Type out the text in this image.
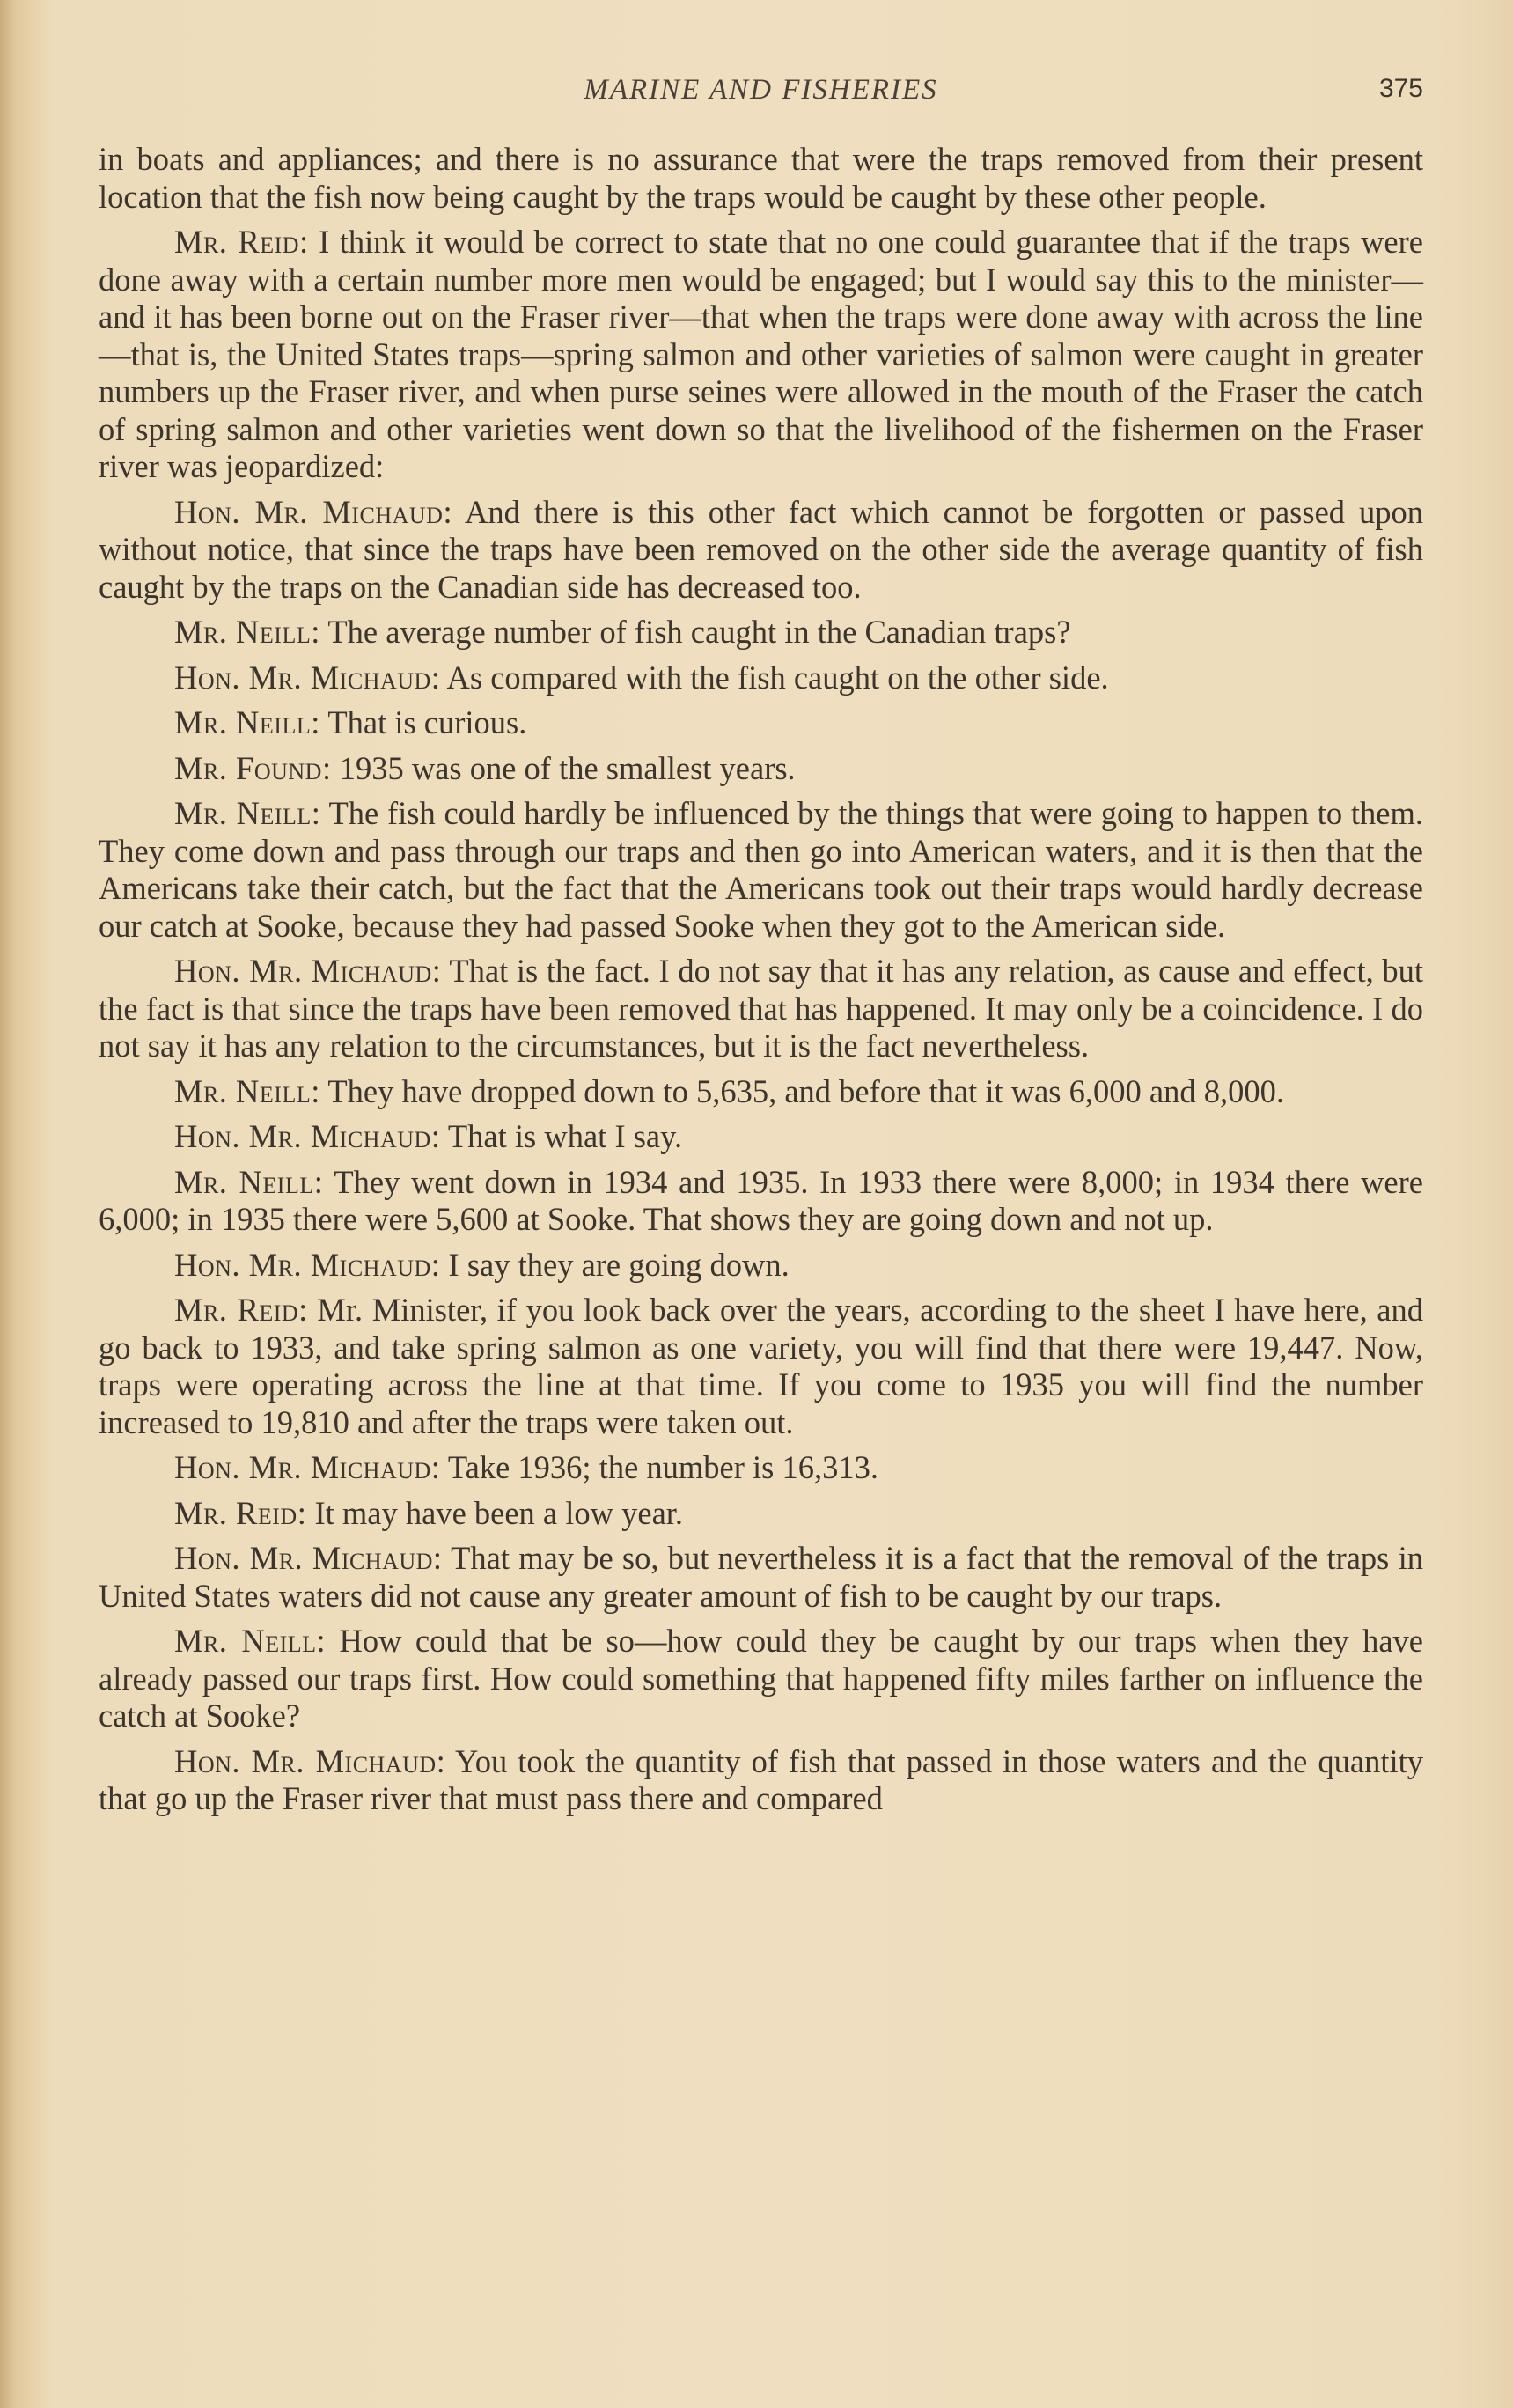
MARINE AND FISHERIES	375

in boats and appliances; and there is no assurance that were the traps removed from their present location that the fish now being caught by the traps would be caught by these other people.

Mr. Reid: I think it would be correct to state that no one could guarantee that if the traps were done away with a certain number more men would be engaged; but I would say this to the minister—and it has been borne out on the Fraser river—that when the traps were done away with across the line—that is, the United States traps—spring salmon and other varieties of salmon were caught in greater numbers up the Fraser river, and when purse seines were allowed in the mouth of the Fraser the catch of spring salmon and other varieties went down so that the livelihood of the fishermen on the Fraser river was jeopardized:

Hon. Mr. Michaud: And there is this other fact which cannot be forgotten or passed upon without notice, that since the traps have been removed on the other side the average quantity of fish caught by the traps on the Canadian side has decreased too.

Mr. Neill: The average number of fish caught in the Canadian traps?

Hon. Mr. Michaud: As compared with the fish caught on the other side.

Mr. Neill: That is curious.

Mr. Found: 1935 was one of the smallest years.

Mr. Neill: The fish could hardly be influenced by the things that were going to happen to them. They come down and pass through our traps and then go into American waters, and it is then that the Americans take their catch, but the fact that the Americans took out their traps would hardly decrease our catch at Sooke, because they had passed Sooke when they got to the American side.

Hon. Mr. Michaud: That is the fact. I do not say that it has any relation, as cause and effect, but the fact is that since the traps have been removed that has happened. It may only be a coincidence. I do not say it has any relation to the circumstances, but it is the fact nevertheless.

Mr. Neill: They have dropped down to 5,635, and before that it was 6,000 and 8,000.

Hon. Mr. Michaud: That is what I say.

Mr. Neill: They went down in 1934 and 1935. In 1933 there were 8,000; in 1934 there were 6,000; in 1935 there were 5,600 at Sooke. That shows they are going down and not up.

Hon. Mr. Michaud: I say they are going down.

Mr. Reid: Mr. Minister, if you look back over the years, according to the sheet I have here, and go back to 1933, and take spring salmon as one variety, you will find that there were 19,447. Now, traps were operating across the line at that time. If you come to 1935 you will find the number increased to 19,810 and after the traps were taken out.

Hon. Mr. Michaud: Take 1936; the number is 16,313.

Mr. Reid: It may have been a low year.

Hon. Mr. Michaud: That may be so, but nevertheless it is a fact that the removal of the traps in United States waters did not cause any greater amount of fish to be caught by our traps.

Mr. Neill: How could that be so—how could they be caught by our traps when they have already passed our traps first. How could something that happened fifty miles farther on influence the catch at Sooke?

Hon. Mr. Michaud: You took the quantity of fish that passed in those waters and the quantity that go up the Fraser river that must pass there and compared
